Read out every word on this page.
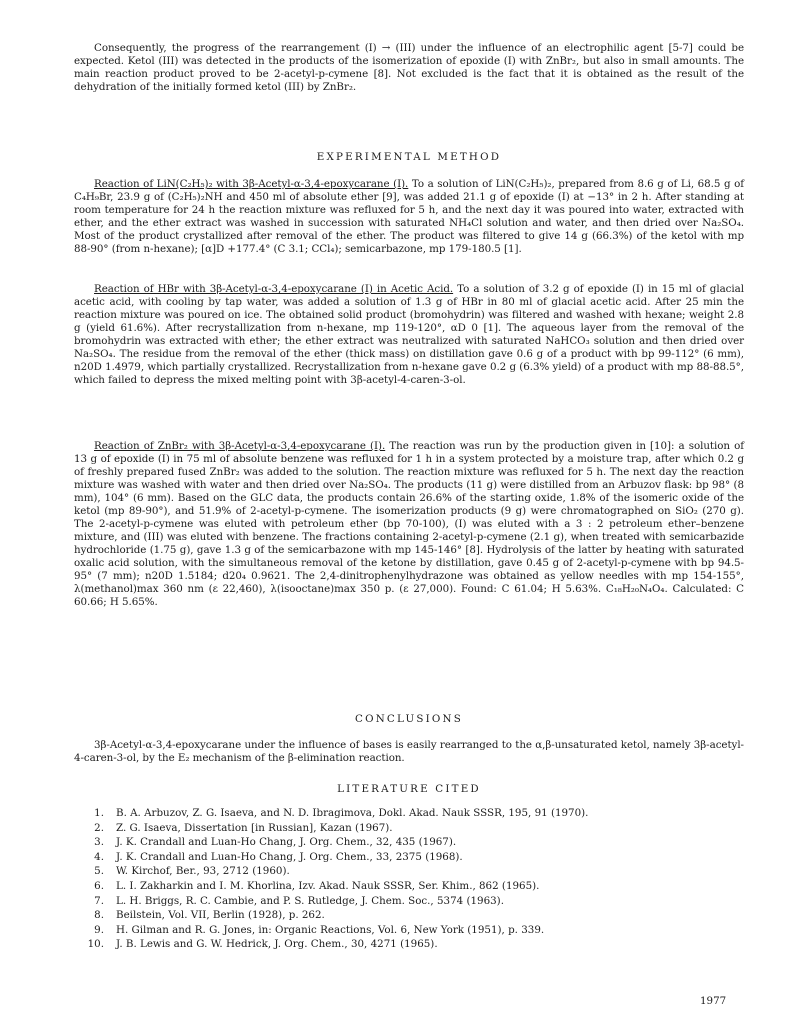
Consequently, the progress of the rearrangement (I) → (III) under the influence of an electrophilic agent [5-7] could be expected. Ketol (III) was detected in the products of the isomerization of epoxide (I) with ZnBr₂, but also in small amounts. The main reaction product proved to be 2-acetyl-p-cymene [8]. Not excluded is the fact that it is obtained as the result of the dehydration of the initially formed ketol (III) by ZnBr₂.

EXPERIMENTAL METHOD

Reaction of LiN(C₂H₅)₂ with 3β-Acetyl-α-3,4-epoxycarane (I). To a solution of LiN(C₂H₅)₂, prepared from 8.6 g of Li, 68.5 g of C₄H₉Br, 23.9 g of (C₂H₅)₂NH and 450 ml of absolute ether [9], was added 21.1 g of epoxide (I) at −13° in 2 h. After standing at room temperature for 24 h the reaction mixture was refluxed for 5 h, and the next day it was poured into water, extracted with ether, and the ether extract was washed in succession with saturated NH₄Cl solution and water, and then dried over Na₂SO₄. Most of the product crystallized after removal of the ether. The product was filtered to give 14 g (66.3%) of the ketol with mp 88-90° (from n-hexane); [α]D +177.4° (C 3.1; CCl₄); semicarbazone, mp 179-180.5 [1].

Reaction of HBr with 3β-Acetyl-α-3,4-epoxycarane (I) in Acetic Acid. To a solution of 3.2 g of epoxide (I) in 15 ml of glacial acetic acid, with cooling by tap water, was added a solution of 1.3 g of HBr in 80 ml of glacial acetic acid. After 25 min the reaction mixture was poured on ice. The obtained solid product (bromohydrin) was filtered and washed with hexane; weight 2.8 g (yield 61.6%). After recrystallization from n-hexane, mp 119-120°, αD 0 [1]. The aqueous layer from the removal of the bromohydrin was extracted with ether; the ether extract was neutralized with saturated NaHCO₃ solution and then dried over Na₂SO₄. The residue from the removal of the ether (thick mass) on distillation gave 0.6 g of a product with bp 99-112° (6 mm), n20D 1.4979, which partially crystallized. Recrystallization from n-hexane gave 0.2 g (6.3% yield) of a product with mp 88-88.5°, which failed to depress the mixed melting point with 3β-acetyl-4-caren-3-ol.

Reaction of ZnBr₂ with 3β-Acetyl-α-3,4-epoxycarane (I). The reaction was run by the production given in [10]: a solution of 13 g of epoxide (I) in 75 ml of absolute benzene was refluxed for 1 h in a system protected by a moisture trap, after which 0.2 g of freshly prepared fused ZnBr₂ was added to the solution. The reaction mixture was refluxed for 5 h. The next day the reaction mixture was washed with water and then dried over Na₂SO₄. The products (11 g) were distilled from an Arbuzov flask: bp 98° (8 mm), 104° (6 mm). Based on the GLC data, the products contain 26.6% of the starting oxide, 1.8% of the isomeric oxide of the ketol (mp 89-90°), and 51.9% of 2-acetyl-p-cymene. The isomerization products (9 g) were chromatographed on SiO₂ (270 g). The 2-acetyl-p-cymene was eluted with petroleum ether (bp 70-100), (I) was eluted with a 3 : 2 petroleum ether–benzene mixture, and (III) was eluted with benzene. The fractions containing 2-acetyl-p-cymene (2.1 g), when treated with semicarbazide hydrochloride (1.75 g), gave 1.3 g of the semicarbazone with mp 145-146° [8]. Hydrolysis of the latter by heating with saturated oxalic acid solution, with the simultaneous removal of the ketone by distillation, gave 0.45 g of 2-acetyl-p-cymene with bp 94.5-95° (7 mm); n20D 1.5184; d20₄ 0.9621. The 2,4-dinitrophenylhydrazone was obtained as yellow needles with mp 154-155°, λ(methanol)max 360 nm (ε 22,460), λ(isooctane)max 350 p. (ε 27,000). Found: C 61.04; H 5.63%. C₁₈H₂₀N₄O₄. Calculated: C 60.66; H 5.65%.

CONCLUSIONS

3β-Acetyl-α-3,4-epoxycarane under the influence of bases is easily rearranged to the α,β-unsaturated ketol, namely 3β-acetyl-4-caren-3-ol, by the E₂ mechanism of the β-elimination reaction.

LITERATURE CITED
1.	B. A. Arbuzov, Z. G. Isaeva, and N. D. Ibragimova, Dokl. Akad. Nauk SSSR, 195, 91 (1970).
2.	Z. G. Isaeva, Dissertation [in Russian], Kazan (1967).
3.	J. K. Crandall and Luan-Ho Chang, J. Org. Chem., 32, 435 (1967).
4.	J. K. Crandall and Luan-Ho Chang, J. Org. Chem., 33, 2375 (1968).
5.	W. Kirchof, Ber., 93, 2712 (1960).
6.	L. I. Zakharkin and I. M. Khorlina, Izv. Akad. Nauk SSSR, Ser. Khim., 862 (1965).
7.	L. H. Briggs, R. C. Cambie, and P. S. Rutledge, J. Chem. Soc., 5374 (1963).
8.	Beilstein, Vol. VII, Berlin (1928), p. 262.
9.	H. Gilman and R. G. Jones, in: Organic Reactions, Vol. 6, New York (1951), p. 339.
10.	J. B. Lewis and G. W. Hedrick, J. Org. Chem., 30, 4271 (1965).
1977
